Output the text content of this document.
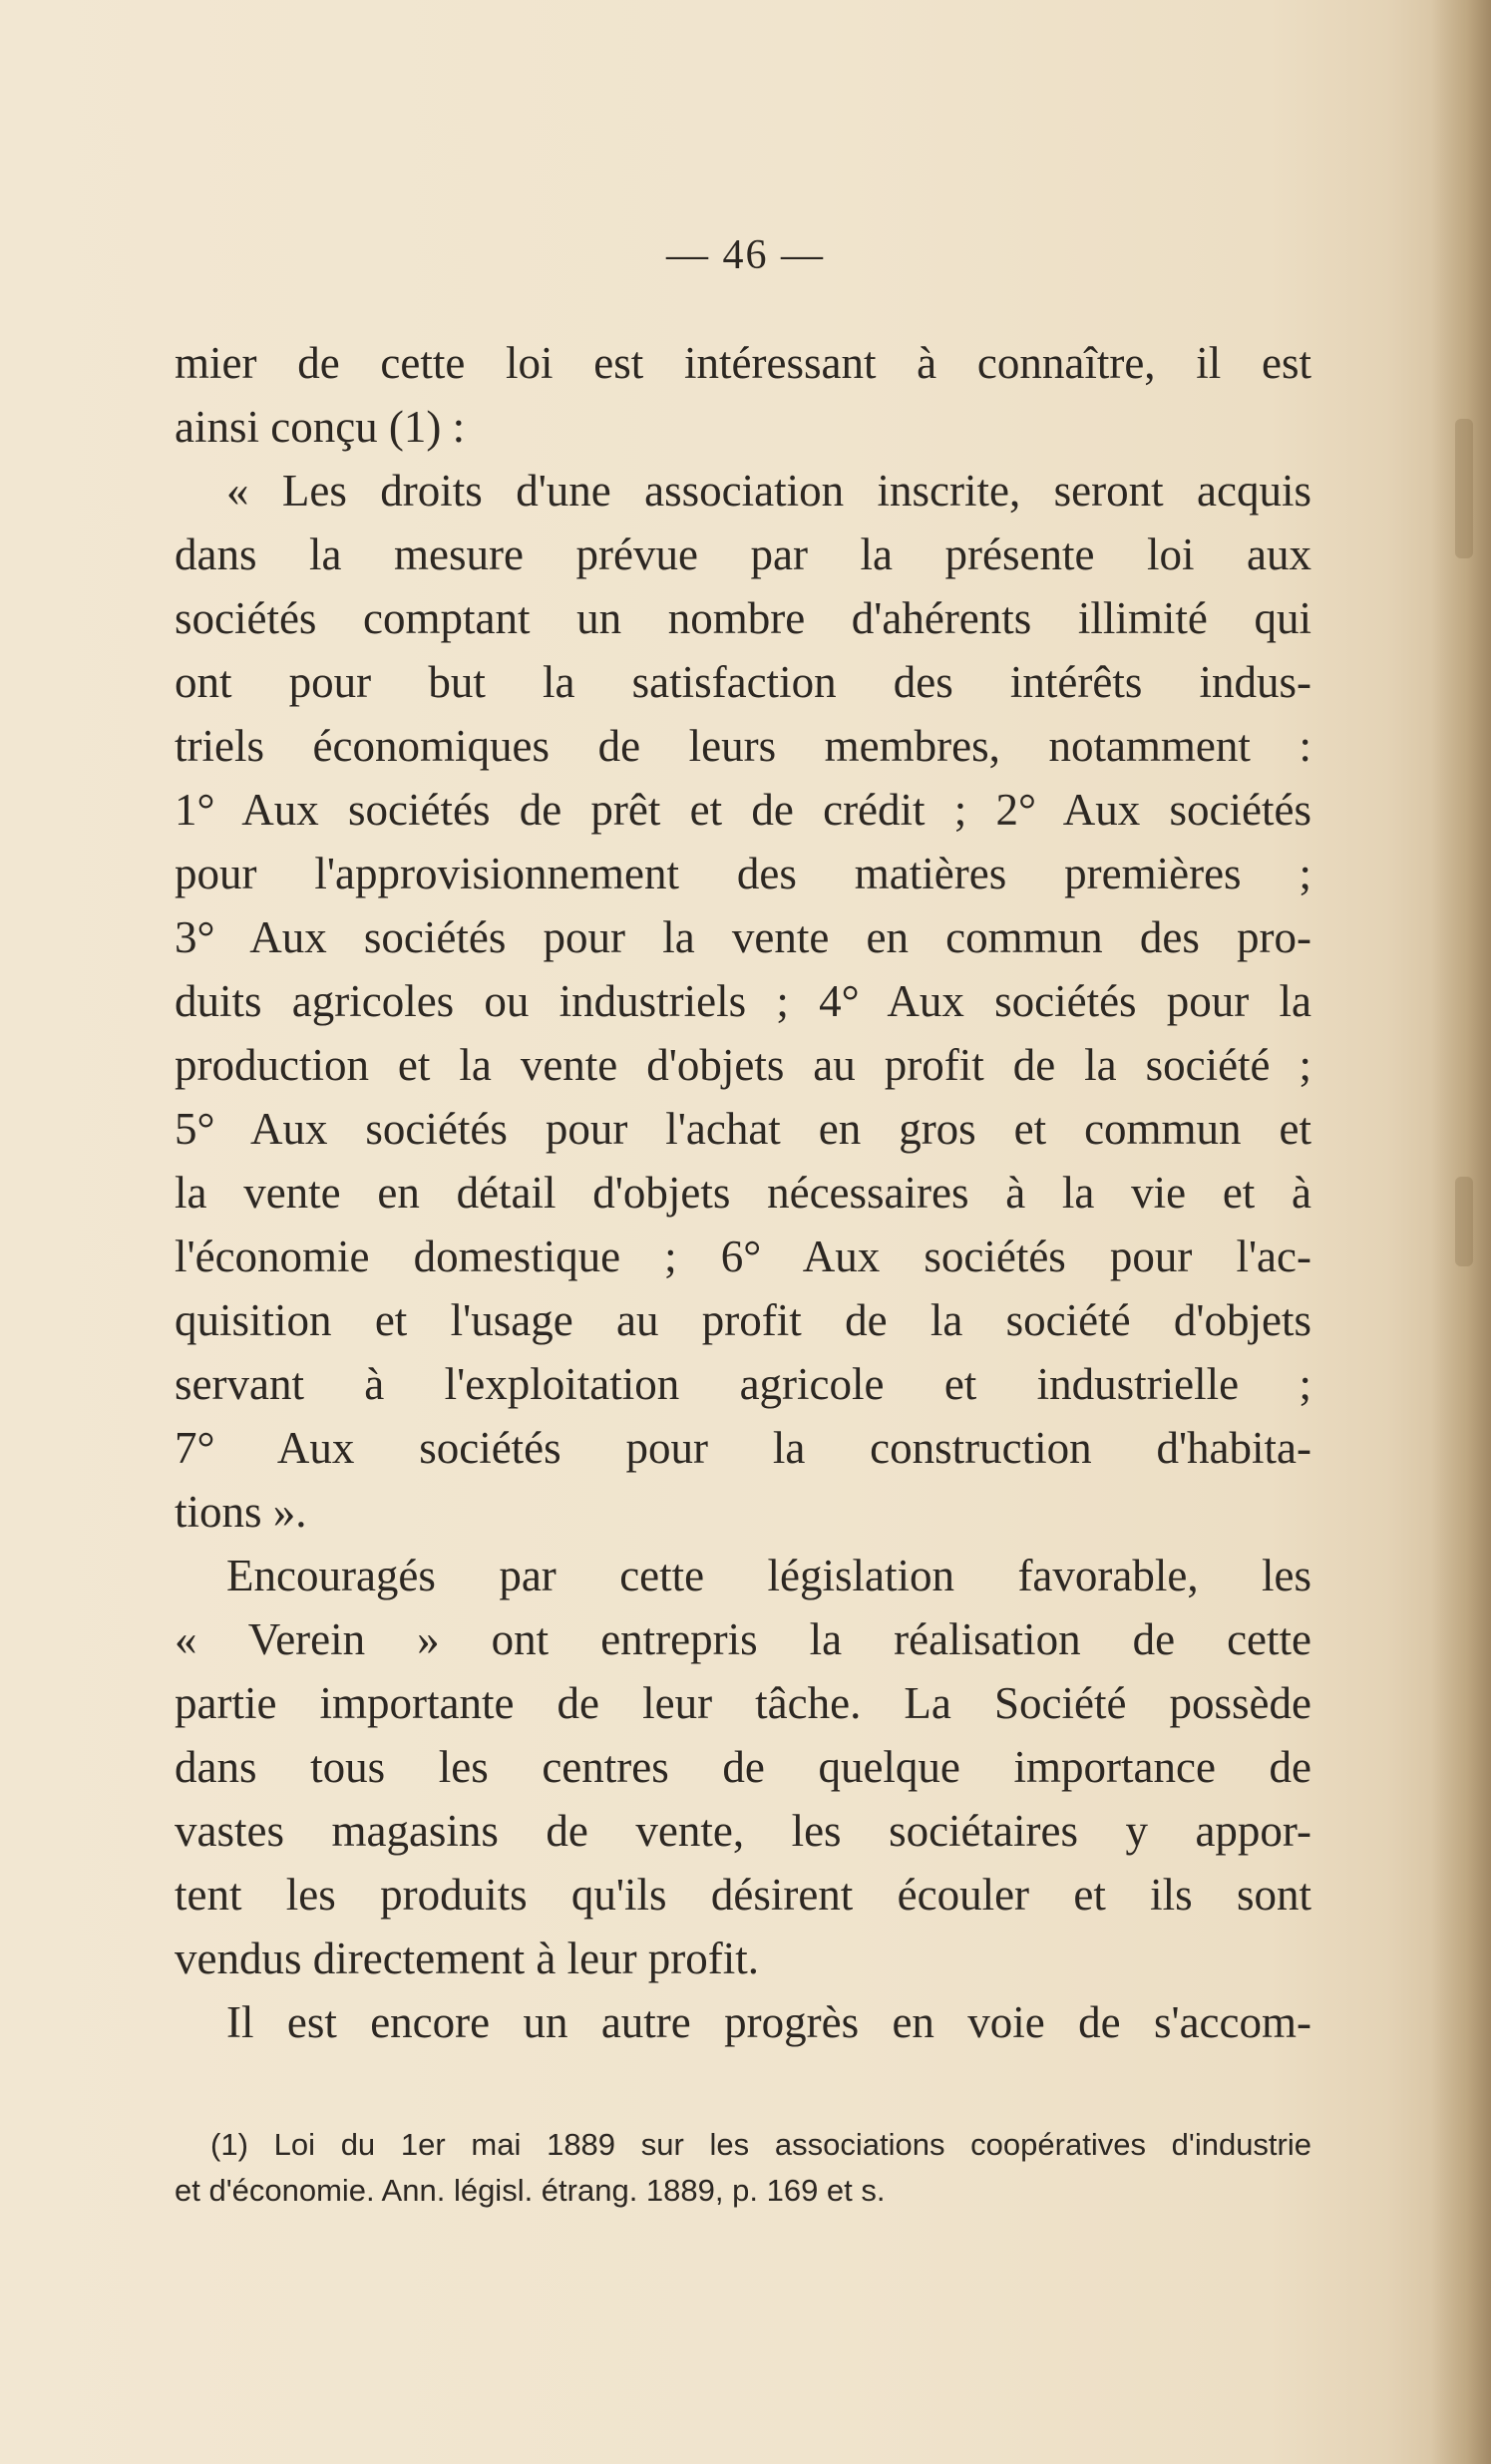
— 46 —
mier de cette loi est intéressant à connaître, il est
ainsi conçu (1) :
« Les droits d'une association inscrite, seront acquis
dans la mesure prévue par la présente loi aux
sociétés comptant un nombre d'ahérents illimité qui
ont pour but la satisfaction des intérêts indus-
triels économiques de leurs membres, notamment :
1° Aux sociétés de prêt et de crédit ; 2° Aux sociétés
pour l'approvisionnement des matières premières ;
3° Aux sociétés pour la vente en commun des pro-
duits agricoles ou industriels ; 4° Aux sociétés pour la
production et la vente d'objets au profit de la société ;
5° Aux sociétés pour l'achat en gros et commun et
la vente en détail d'objets nécessaires à la vie et à
l'économie domestique ; 6° Aux sociétés pour l'ac-
quisition et l'usage au profit de la société d'objets
servant à l'exploitation agricole et industrielle ;
7° Aux sociétés pour la construction d'habita-
tions ».
Encouragés par cette législation favorable, les
« Verein » ont entrepris la réalisation de cette
partie importante de leur tâche. La Société possède
dans tous les centres de quelque importance de
vastes magasins de vente, les sociétaires y appor-
tent les produits qu'ils désirent écouler et ils sont
vendus directement à leur profit.
Il est encore un autre progrès en voie de s'accom-
(1) Loi du 1er mai 1889 sur les associations coopératives d'industrie
et d'économie. Ann. législ. étrang. 1889, p. 169 et s.
